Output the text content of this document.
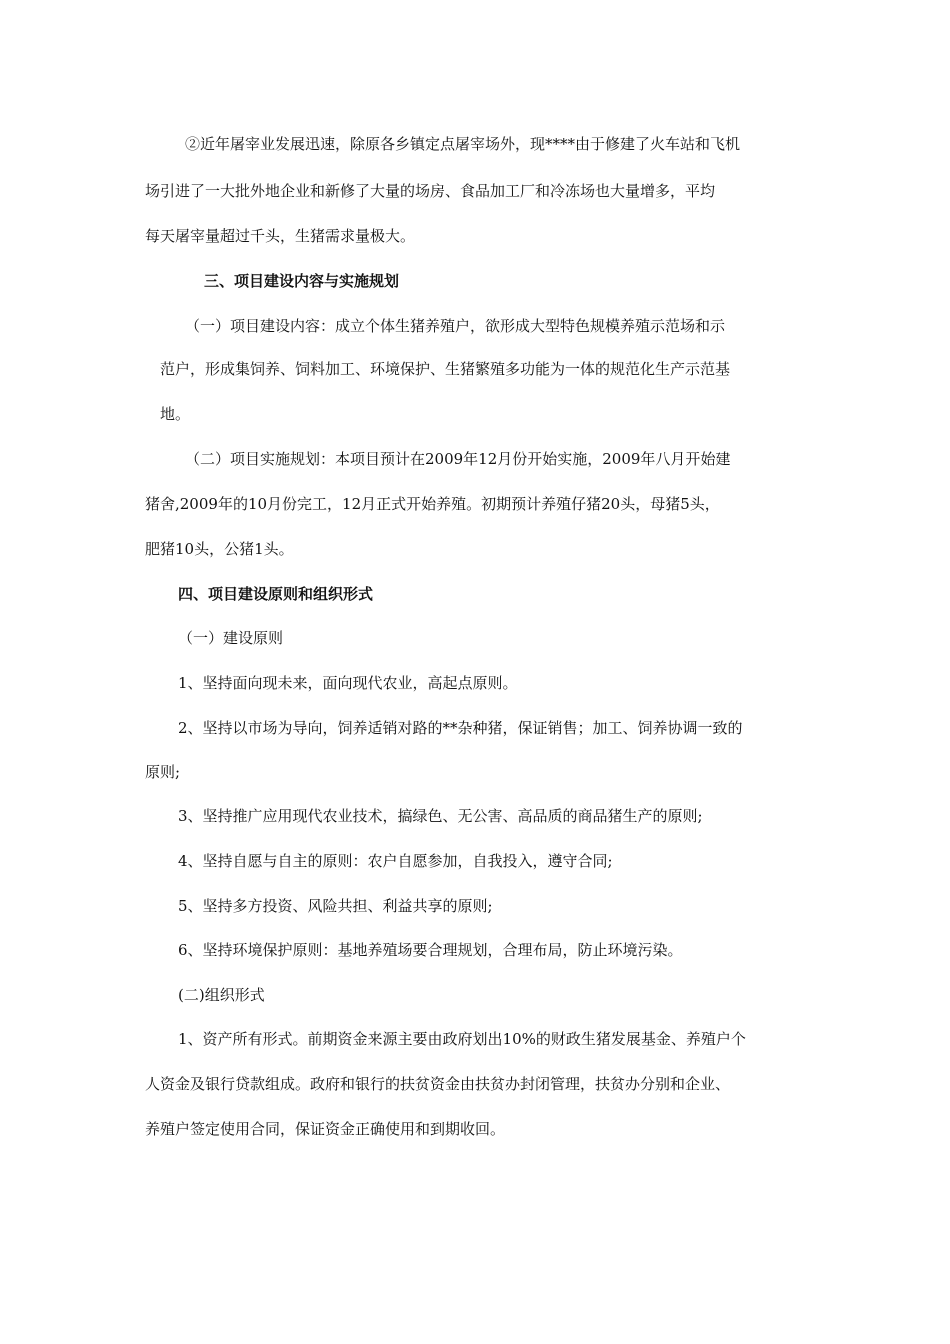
②近年屠宰业发展迅速，除原各乡镇定点屠宰场外，现****由于修建了火车站和飞机
场引进了一大批外地企业和新修了大量的场房、食品加工厂和冷冻场也大量增多，平均
每天屠宰量超过千头，生猪需求量极大。
三、项目建设内容与实施规划
（一）项目建设内容：成立个体生猪养殖户，欲形成大型特色规模养殖示范场和示
范户，形成集饲养、饲料加工、环境保护、生猪繁殖多功能为一体的规范化生产示范基
地。
（二）项目实施规划：本项目预计在2009年12月份开始实施，2009年八月开始建
猪舍,2009年的10月份完工，12月正式开始养殖。初期预计养殖仔猪20头，母猪5头，
肥猪10头，公猪1头。
四、项目建设原则和组织形式
（一）建设原则
1、坚持面向现未来，面向现代农业，高起点原则。
2、坚持以市场为导向，饲养适销对路的**杂种猪，保证销售；加工、饲养协调一致的
原则;
3、坚持推广应用现代农业技术，搞绿色、无公害、高品质的商品猪生产的原则;
4、坚持自愿与自主的原则：农户自愿参加，自我投入，遵守合同;
5、坚持多方投资、风险共担、利益共享的原则;
6、坚持环境保护原则：基地养殖场要合理规划，合理布局，防止环境污染。
(二)组织形式
1、资产所有形式。前期资金来源主要由政府划出10%的财政生猪发展基金、养殖户个
人资金及银行贷款组成。政府和银行的扶贫资金由扶贫办封闭管理，扶贫办分别和企业、
养殖户签定使用合同，保证资金正确使用和到期收回。
